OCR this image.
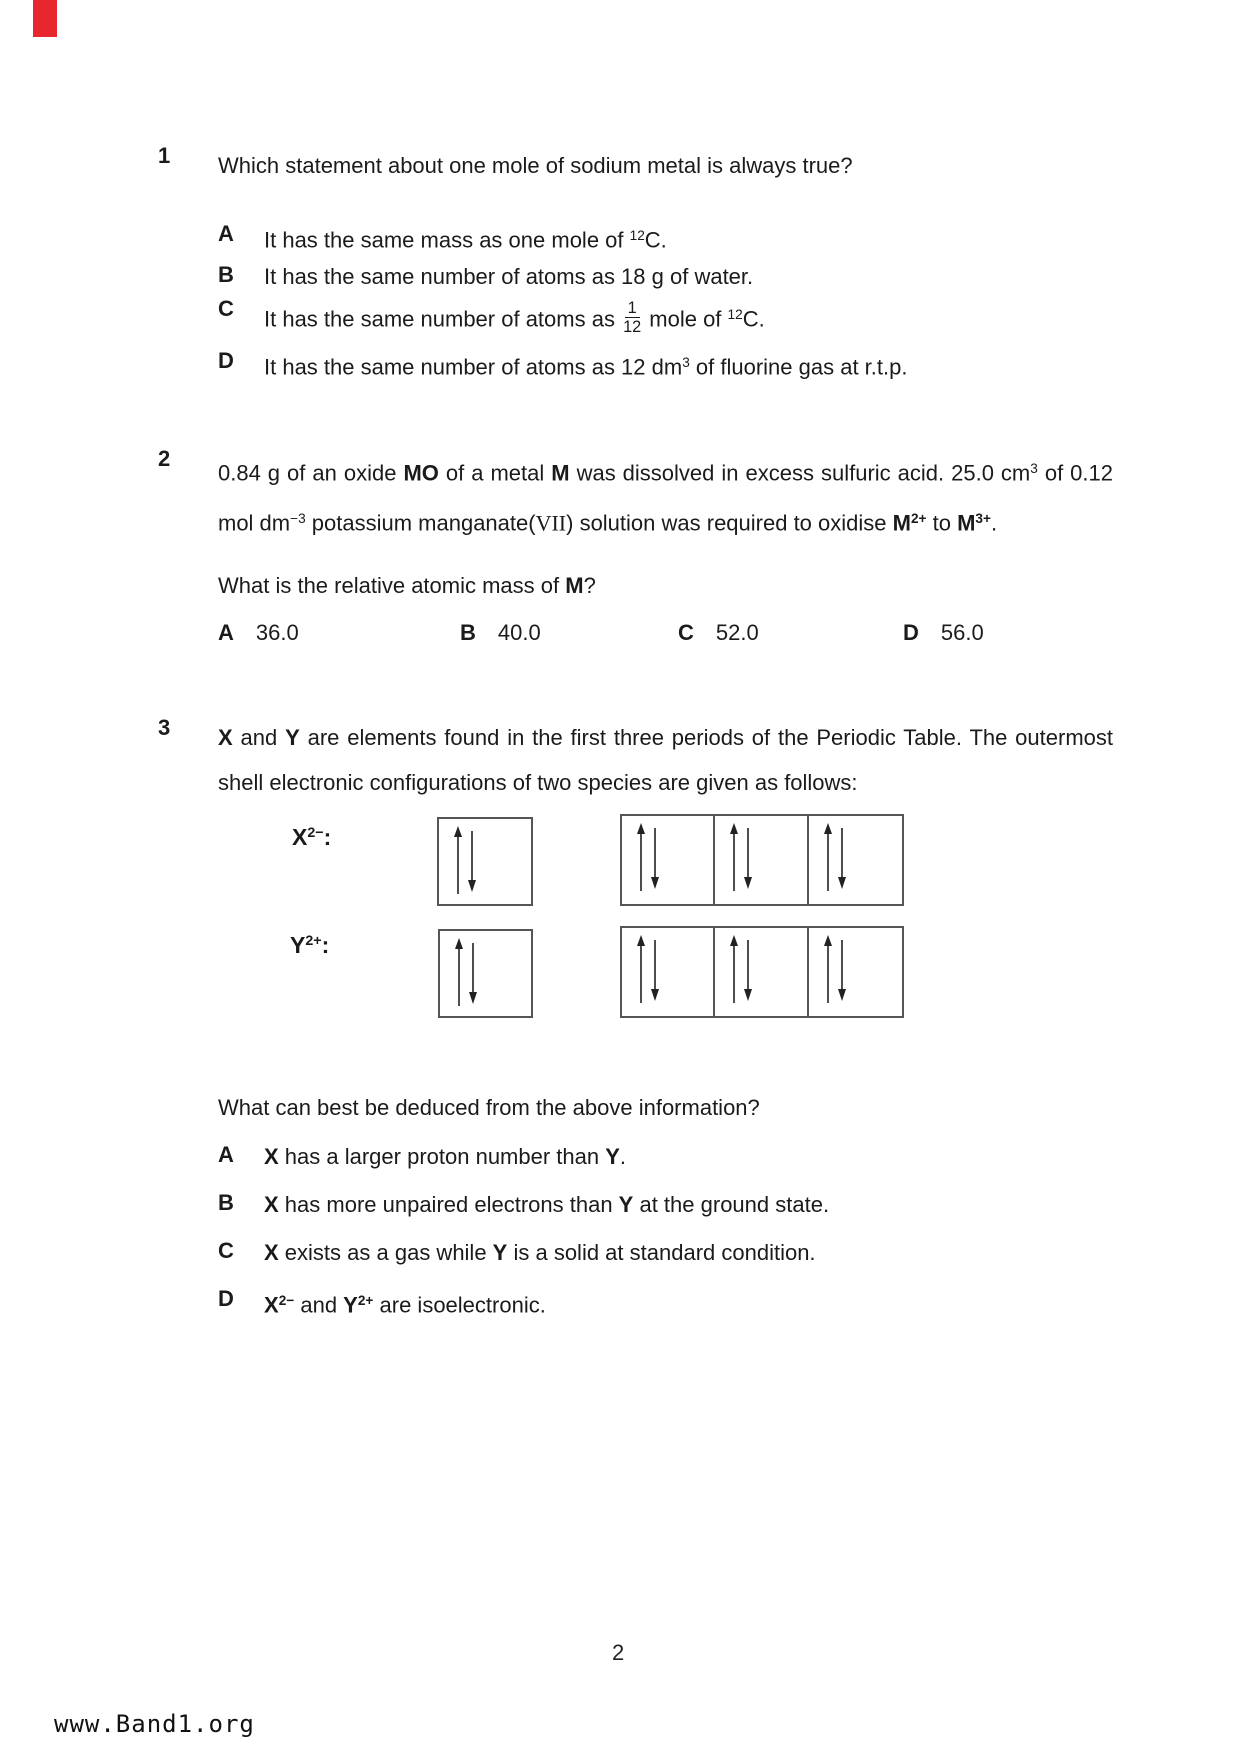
1	Which statement about one mole of sodium metal is always true?
A	It has the same mass as one mole of $^{12}$C.
B	It has the same number of atoms as 18 g of water.
C	It has the same number of atoms as $\frac{1}{12}$ mole of $^{12}$C.
D	It has the same number of atoms as 12 $dm^3$ of fluorine gas at r.t.p.
2
0.84 g of an oxide MO of a metal M was dissolved in excess sulfuric acid. 25.0 $cm^3$ of 0.12 mol $dm^{-3}$ potassium manganate(VII) solution was required to oxidise $M^{2+}$ to $M^{3+}$.
What is the relative atomic mass of M?
A 36.0	B 40.0	C 52.0	D 56.0
3	X and Y are elements found in the first three periods of the Periodic Table. The outermost shell electronic configurations of two species are given as follows:
$X^{2-}$:
$Y^{2+}$:
What can best be deduced from the above information?
A	X has a larger proton number than Y.
B	X has more unpaired electrons than Y at the ground state.
C	X exists as a gas while Y is a solid at standard condition.
D	$X^{2-}$ and $Y^{2+}$ are isoelectronic.
2
www.Band1.org
